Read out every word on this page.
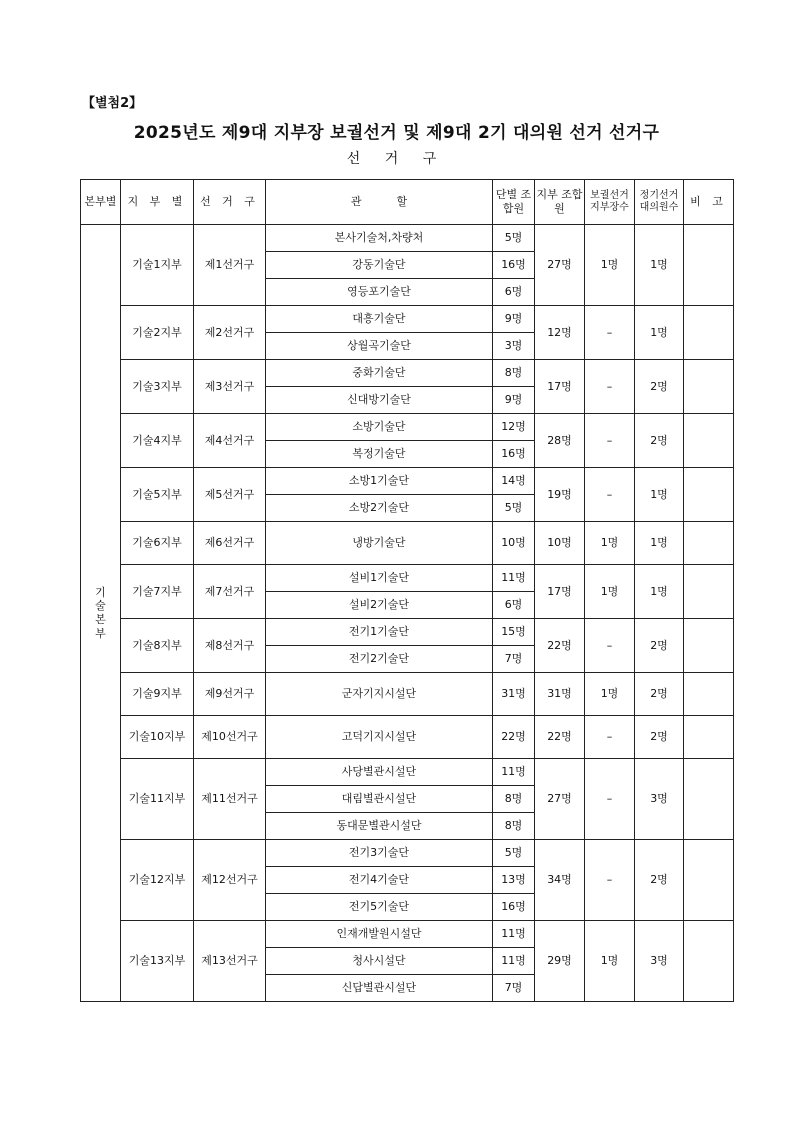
【별첨2】
2025년도 제9대 지부장 보궐선거 및 제9대 2기 대의원 선거 선거구
선 거 구
본부별	지 부 별	선 거 구	관          할	단별 조합원	지부 조합원	보궐선거 지부장수	정기선거 대의원수	비 고

기
술
본
부	기술1지부	제1선거구	본사기술처,차량처	5명	27명	1명	1명	
			강동기술단	16명				
			영등포기술단	6명				
	기술2지부	제2선거구	대흥기술단	9명	12명	–	1명	
			상월곡기술단	3명				
	기술3지부	제3선거구	중화기술단	8명	17명	–	2명	
			신대방기술단	9명				
	기술4지부	제4선거구	소방기술단	12명	28명	–	2명	
			복정기술단	16명				
	기술5지부	제5선거구	소방1기술단	14명	19명	–	1명	
			소방2기술단	5명				
	기술6지부	제6선거구	냉방기술단	10명	10명	1명	1명	
	기술7지부	제7선거구	설비1기술단	11명	17명	1명	1명	
			설비2기술단	6명				
	기술8지부	제8선거구	전기1기술단	15명	22명	–	2명	
			전기2기술단	7명				
	기술9지부	제9선거구	군자기지시설단	31명	31명	1명	2명	
	기술10지부	제10선거구	고덕기지시설단	22명	22명	–	2명	
	기술11지부	제11선거구	사당별관시설단	11명	27명	–	3명	
			대림별관시설단	8명				
			동대문별관시설단	8명				
	기술12지부	제12선거구	전기3기술단	5명	34명	–	2명	
			전기4기술단	13명				
			전기5기술단	16명				
	기술13지부	제13선거구	인재개발원시설단	11명	29명	1명	3명	
			청사시설단	11명				
			신답별관시설단	7명				
